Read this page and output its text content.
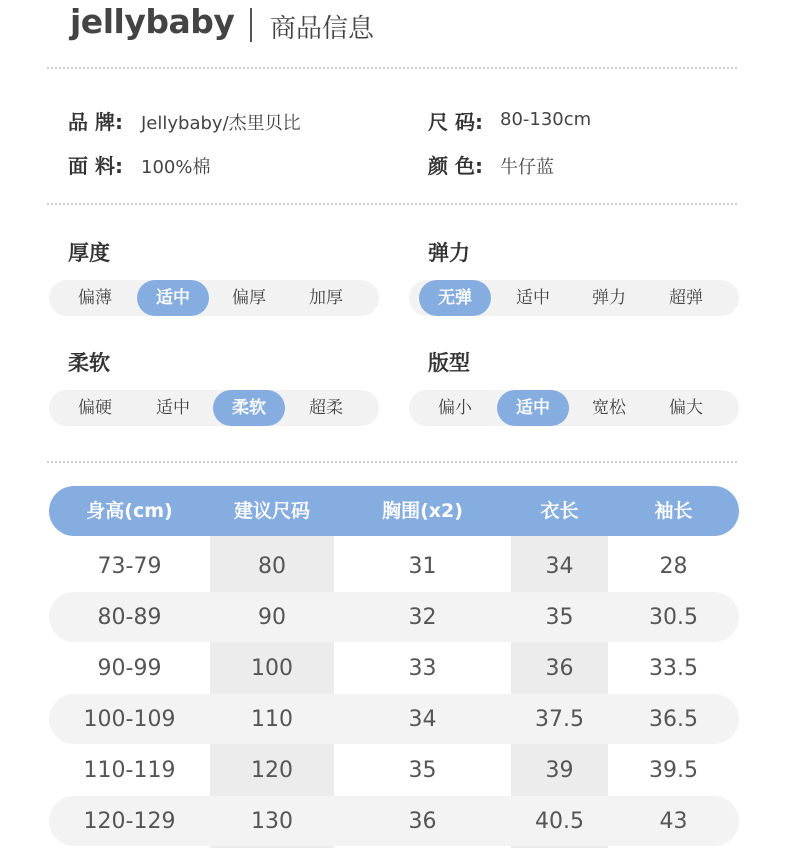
jellybaby 商品信息
品 牌: Jellybaby/杰里贝比	尺 码: 80-130cm
面 料: 100%棉	颜 色: 牛仔蓝
厚度
偏薄	适中	偏厚	加厚
弹力
无弹	适中	弹力	超弹
柔软
偏硬	适中	柔软	超柔
版型
偏小	适中	宽松	偏大
身高(cm)	建议尺码	胸围(x2)	衣长	袖长
73-79	80	31	34	28
80-89	90	32	35	30.5
90-99	100	33	36	33.5
100-109	110	34	37.5	36.5
110-119	120	35	39	39.5
120-129	130	36	40.5	43
